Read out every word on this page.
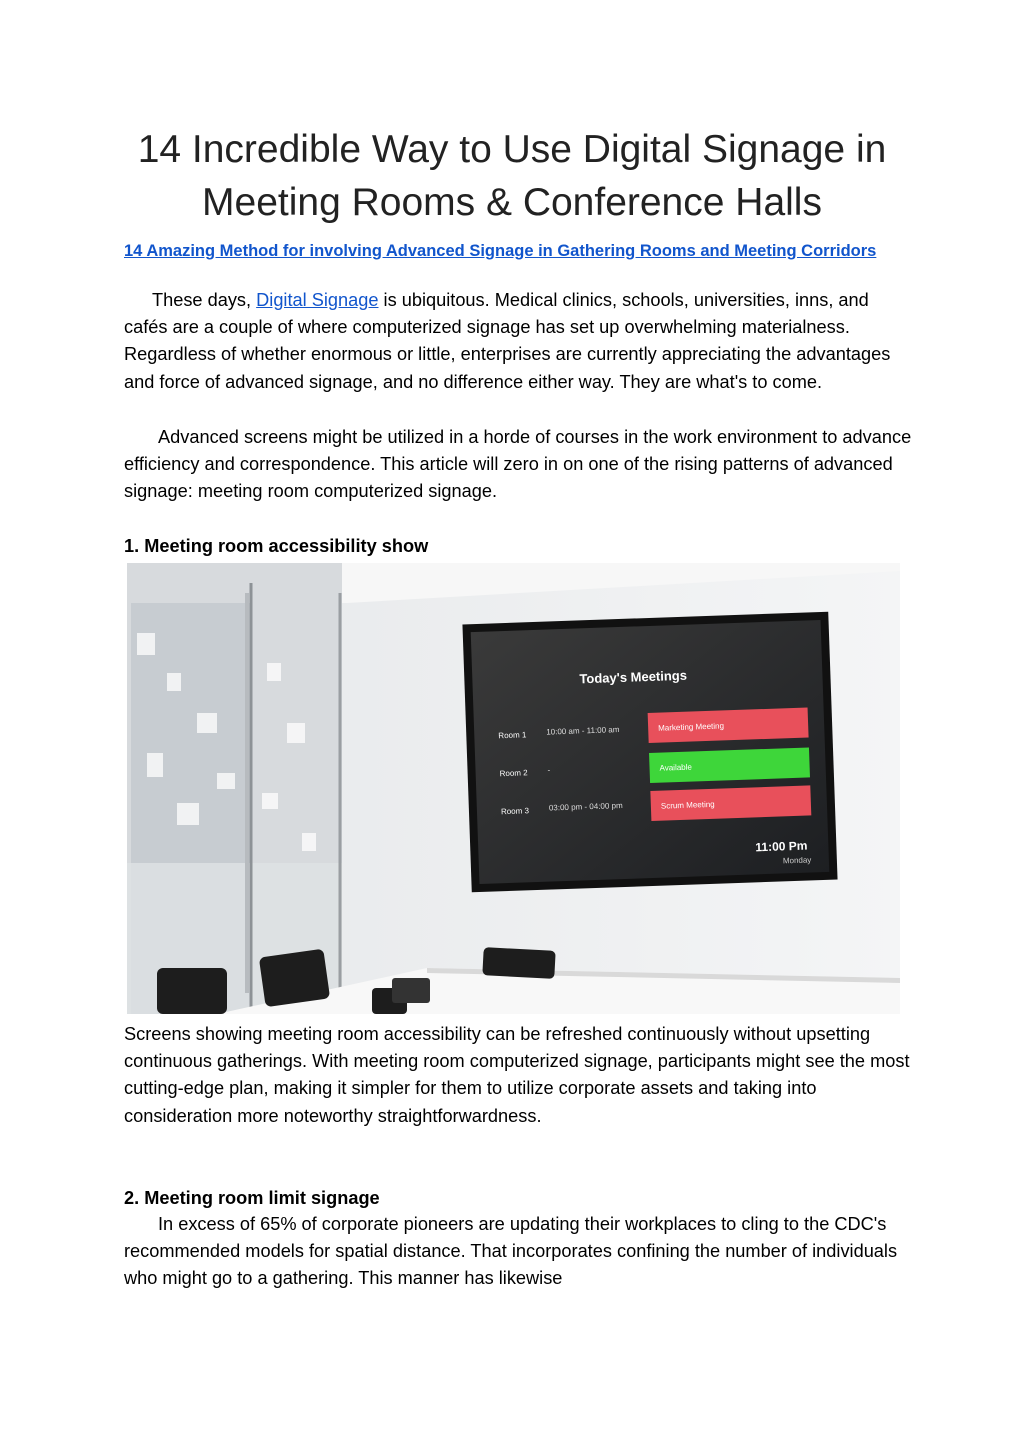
14 Incredible Way to Use Digital Signage in
Meeting Rooms & Conference Halls
14 Amazing Method for involving Advanced Signage in Gathering Rooms and Meeting Corridors

These days, Digital Signage is ubiquitous. Medical clinics, schools, universities, inns, and cafés are a couple of where computerized signage has set up overwhelming materialness. Regardless of whether enormous or little, enterprises are currently appreciating the advantages and force of advanced signage, and no difference either way. They are what's to come.

Advanced screens might be utilized in a horde of courses in the work environment to advance efficiency and correspondence. This article will zero in on one of the rising patterns of advanced signage: meeting room computerized signage.

1. Meeting room accessibility show

Today's Meetings
Room 1 10:00 am - 11:00 am	Marketing Meeting
Room 2 -	Available
Room 3 03:00 pm - 04:00 pm	Scrum Meeting
11:00 Pm
Monday

Screens showing meeting room accessibility can be refreshed continuously without upsetting continuous gatherings. With meeting room computerized signage, participants might see the most cutting-edge plan, making it simpler for them to utilize corporate assets and taking into consideration more noteworthy straightforwardness.

2. Meeting room limit signage

In excess of 65% of corporate pioneers are updating their workplaces to cling to the CDC's recommended models for spatial distance. That incorporates confining the number of individuals who might go to a gathering. This manner has likewise
